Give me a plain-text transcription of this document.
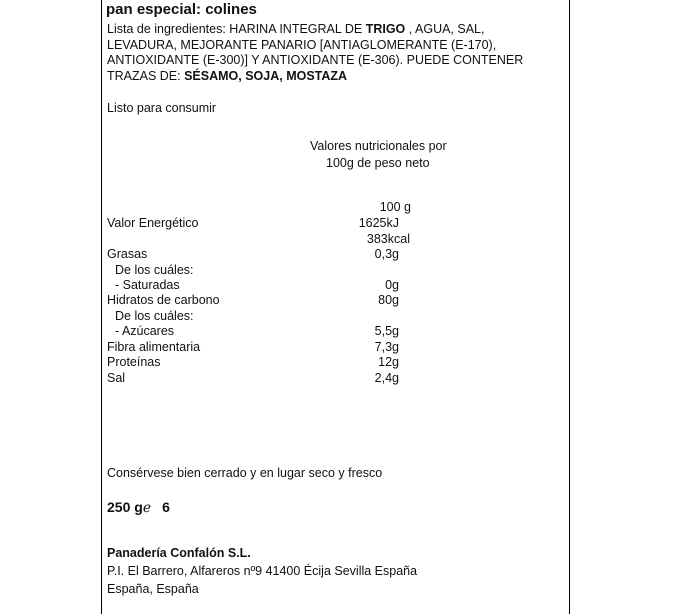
pan especial: colines
Lista de ingredientes: HARINA INTEGRAL DE TRIGO , AGUA, SAL,
LEVADURA, MEJORANTE PANARIO [ANTIAGLOMERANTE (E-170),
ANTIOXIDANTE (E-300)] Y ANTIOXIDANTE (E-306). PUEDE CONTENER
TRAZAS DE: SÉSAMO, SOJA, MOSTAZA
Listo para consumir
Valores nutricionales por
100g de peso neto
100 g
Valor Energético	1625kJ
383kcal
Grasas	0,3g
De los cuáles:
- Saturadas	0g
Hidratos de carbono	80g
De los cuáles:
- Azúcares	5,5g
Fibra alimentaria	7,3g
Proteínas	12g
Sal	2,4g
Consérvese bien cerrado y en lugar seco y fresco
250 gℯ 6
Panadería Confalón S.L.
P.I. El Barrero, Alfareros nº9 41400 Écija Sevilla España
España, España
